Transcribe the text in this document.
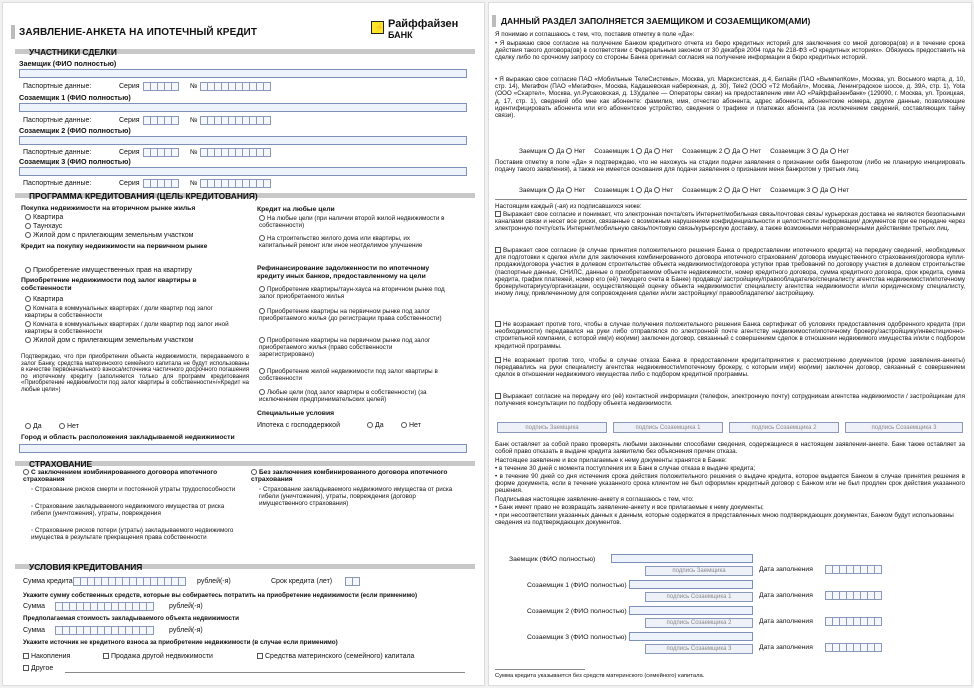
ЗАЯВЛЕНИЕ-АНКЕТА НА ИПОТЕЧНЫЙ КРЕДИТ	⚡ Райффайзен
БАНК
УЧАСТНИКИ СДЕЛКИ
Заемщик (ФИО полностью)
Паспортные данные:	Серия	№
Созаемщик 1 (ФИО полностью)
Паспортные данные:	Серия	№
Созаемщик 2 (ФИО полностью)
Паспортные данные:	Серия	№
Созаемщик 3 (ФИО полностью)
Паспортные данные:	Серия	№
ПРОГРАММА КРЕДИТОВАНИЯ (ЦЕЛЬ КРЕДИТОВАНИЯ)
Покупка недвижимости на вторичном рынке жилья
Квартира
Таунхаус
Жилой дом с прилегающим земельным участком
Кредит на покупку недвижимости на первичном рынке
Приобретение имущественных прав на квартиру
Приобретение недвижимости под залог квартиры в собственности
Квартира
Комната в коммунальных квартирах / доли квартир под залог квартиры в собственности
Комната в коммунальных квартирах / доли квартир под залог иной квартиры в собственности
Жилой дом с прилегающим земельным участком
Подтверждаю, что при приобретении объекта недвижимости, передаваемого в залог Банку, средства материнского семейного капитала не будут использованы в качестве первоначального взноса/источника частичного досрочного погашения по ипотечному кредиту (заполняется только для программ кредитования «Приобретение недвижимости под залог квартиры в собственности»/«Кредит на любые цели»)
Да	Нет
Кредит на любые цели
На любые цели (при наличии второй жилой недвижимости в собственности)
На строительство жилого дома или квартиры, их капитальный ремонт или иное неотделимое улучшение
Рефинансирование задолженности по ипотечному кредиту иных банков, предоставленному на цели
Приобретение квартиры/таун-хауса на вторичном рынке под залог приобретаемого жилья
Приобретение квартиры на первичном рынке под залог приобретаемого жилья (до регистрации права собственности)
Приобретение квартиры на первичном рынке под залог приобретаемого жилья (право собственности зарегистрировано)
Приобретение жилой недвижимости под залог квартиры в собственности
Любые цели (под залог квартиры в собственности) (за исключением предпринимательских целей)
Специальные условия
Ипотека с господдержкой	Да	Нет
Город и область расположения закладываемой недвижимости
СТРАХОВАНИЕ
С заключением комбинированного договора ипотечного страхования
◦ Страхование рисков смерти и постоянной утраты трудоспособности
◦ Страхование закладываемого недвижимого имущества от риска гибели (уничтожения), утраты, повреждения
◦ Страхование рисков потери (утраты) закладываемого недвижимого имущества в результате прекращения права собственности
Без заключения комбинированного договора ипотечного страхования
◦ Страхование закладываемого недвижимого имущества от риска гибели (уничтожения), утраты, повреждения (договор имущественного страхования)
УСЛОВИЯ КРЕДИТОВАНИЯ
Сумма кредита	рублей(-я)	Срок кредита (лет)
Укажите сумму собственных средств, которые вы собираетесь потратить на приобретение недвижимости (если применимо)
Сумма	рублей(-я)
Предполагаемая стоимость закладываемого объекта недвижимости
Сумма	рублей(-я)
Укажите источник не кредитного взноса за приобретение недвижимости (в случае если применимо)
Накопления	Продажа другой недвижимости	Средства материнского (семейного) капитала
Другое
ДАННЫЙ РАЗДЕЛ ЗАПОЛНЯЕТСЯ ЗАЕМЩИКОМ И СОЗАЕМЩИКОМ(АМИ)
Я понимаю и соглашаюсь с тем, что, поставив отметку в поле «Да»:
• Я выражаю свое согласие на получение Банком кредитного отчета из бюро кредитных историй для заключения со мной договора(ов) и в течение срока действия такого договора(ов) в соответствии с Федеральным законом от 30 декабря 2004 года № 218-ФЗ «О кредитных историях». Обязуюсь предоставить на сделку либо по срочному запросу со стороны Банка оригинал согласия на получение информации в бюро кредитных историй.
• Я выражаю свое согласие ПАО «Мобильные ТелеСистемы», Москва, ул. Марксистская, д.4, Билайн (ПАО «ВымпелКом», Москва, ул. Восьмого марта, д. 10, стр. 14), МегаФон (ПАО «МегаФон», Москва, Кадашевская набережная, д. 30), Tele2 (ООО «Т2 Мобайл», Москва, Ленинградское шоссе, д. 39А, стр. 1), Yota (ООО «Скартел», Москва, ул.Русаковская, д. 13)(далее — Операторы связи) на предоставление ими АО «Райффайзенбанк» (129090, г. Москва, ул. Троицкая, д. 17, стр. 1), сведений обо мне как абоненте: фамилия, имя, отчество абонента, адрес абонента, абонентские номера, другие данные, позволяющие идентифицировать абонента или его абонентское устройство, сведения о трафике и платежах абонента (за исключением сведений, составляющих тайну связи).
Заемщик Да Нет Созаемщик 1 Да Нет Созаемщик 2 Да Нет Созаемщик 3 Да Нет
Поставив отметку в поле «Да» я подтверждаю, что не нахожусь на стадии подачи заявления о признании себя банкротом (либо не планирую инициировать подачу такого заявления), а также не имеется основания для подачи заявления о признании меня банкротом у третьих лиц.
Заемщик Да Нет Созаемщик 1 Да Нет Созаемщик 2 Да Нет Созаемщик 3 Да Нет
Настоящим каждый (-ая) из подписавшихся ниже:
Выражает свое согласие и понимает, что электронная почта/сеть Интернет/мобильная связь/почтовая связь/ курьерская доставка не являются безопасными каналами связи и несет все риски, связанные с возможным нарушением конфиденциальности и целостности информации/ документов при ее передаче через электронную почту/сеть Интернет/мобильную связь/почтовую связь/курьерскую доставку, а также возможными неправомерными действиями третьих лиц.
Выражает свое согласие (в случае принятия положительного решения Банка о предоставлении ипотечного кредита) на передачу сведений, необходимых для подготовки к сделке и/или для заключения комбинированного договора ипотечного страхования/ договора имущественного страхования/договора купли-продажи/договора участия в долевом строительстве объекта недвижимости/договора уступки прав требований по договору участия в долевом строительстве (паспортные данные, СНИЛС, данные о приобретаемом объекте недвижимости, номер кредитного договора, сумма кредитного договора, срок кредита, сумма кредита, график платежей, номер его (её) текущего счета в Банке) продавцу/ застройщику/правообладателю/специалисту агентства недвижимости/ипотечному брокеру/нотариусу/организации, осуществляющей оценку объекта недвижимости/ специалисту агентства недвижимости и/или юридическому специалисту, иному лицу, привлеченному для сопровождения сделки и/или застройщику/ правообладателю/ застройщику.
Не возражает против того, чтобы в случае получения положительного решения Банка сертификат об условиях предоставления одобренного кредита (при необходимости) передавался на руки либо отправлялся по электронной почте агентству недвижимости/ипотечному брокеру/застройщику/инвестиционно-строительной компании, с которой им(и) ею(ими) заключен договор, связанный с совершением сделок в отношении недвижимого имущества и/или с подбором кредитной программы.
Не возражает против того, чтобы в случае отказа Банка в предоставлении кредита/принятия к рассмотрению документов (кроме заявления-анкеты) передавались на руки специалисту агентства недвижимости/ипотечному брокеру, с которым им(и) ею(ими) заключен договор, связанный с совершением сделок в отношении недвижимого имущества либо с подбором кредитной программы.
Выражает согласие на передачу его (её) контактной информации (телефон, электронную почту) сотрудникам агентства недвижимости / застройщикам для получения консультации по подбору объекта недвижимости.
подпись Заемщика	подпись Созаемщика 1	подпись Созаемщика 2	подпись Созаемщика 3
Банк оставляет за собой право проверять любыми законными способами сведения, содержащиеся в настоящем заявлении-анкете. Банк также оставляет за собой право отказать в выдаче кредита заявителю без объяснения причин отказа.
Настоящее заявление и все прилагаемые к нему документы хранятся в Банке:
• в течение 30 дней с момента поступления их в Банк в случае отказа в выдаче кредита;
• в течение 90 дней со дня истечения срока действия положительного решения о выдаче кредита, которое выдается Банком в случае принятия решения в форме документа, если в течение указанного срока клиентом не был оформлен кредитный договор с Банком или не был продлен срок действия указанного решения.
Подписывая настоящее заявление-анкету я соглашаюсь с тем, что:
• Банк имеет право не возвращать заявление-анкету и все прилагаемые к нему документы;
• при несоответствии указанных данных к данным, которые содержатся в представленных мною подтверждающих документах, Банком будут использованы сведения из подтверждающих документов.
Заемщик (ФИО полностью)
подпись Заемщика	Дата заполнения
Созаемщик 1 (ФИО полностью)
подпись Созаемщика 1	Дата заполнения
Созаемщик 2 (ФИО полностью)
подпись Созаемщика 2	Дата заполнения
Созаемщик 3 (ФИО полностью)
подпись Созаемщика 3	Дата заполнения
Сумма кредита указывается без средств материнского (семейного) капитала.
